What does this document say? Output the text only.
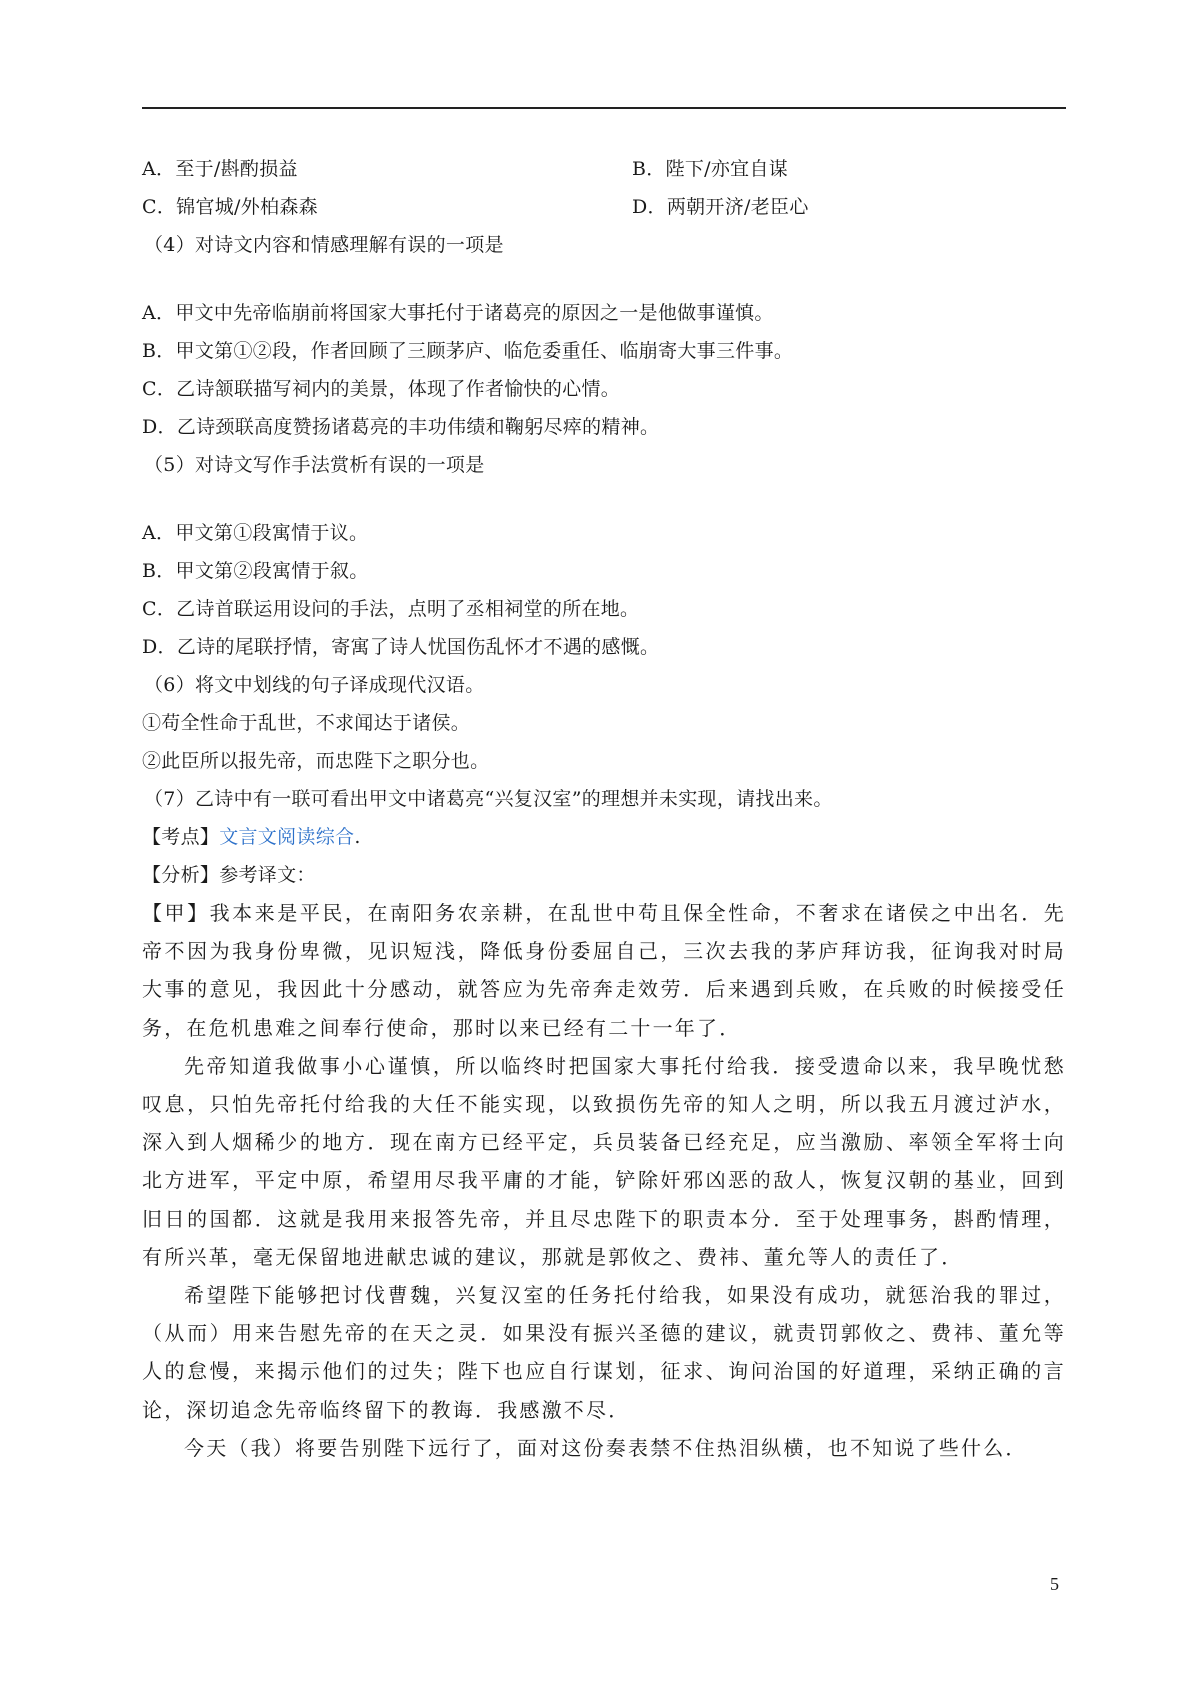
A．至于/斟酌损益	B．陛下/亦宜自谋
C．锦官城/外柏森森	D．两朝开济/老臣心
（4）对诗文内容和情感理解有误的一项是
A．甲文中先帝临崩前将国家大事托付于诸葛亮的原因之一是他做事谨慎。
B．甲文第①②段，作者回顾了三顾茅庐、临危委重任、临崩寄大事三件事。
C．乙诗颔联描写祠内的美景，体现了作者愉快的心情。
D．乙诗颈联高度赞扬诸葛亮的丰功伟绩和鞠躬尽瘁的精神。
（5）对诗文写作手法赏析有误的一项是
A．甲文第①段寓情于议。
B．甲文第②段寓情于叙。
C．乙诗首联运用设问的手法，点明了丞相祠堂的所在地。
D．乙诗的尾联抒情，寄寓了诗人忧国伤乱怀才不遇的感慨。
（6）将文中划线的句子译成现代汉语。
①苟全性命于乱世，不求闻达于诸侯。
②此臣所以报先帝，而忠陛下之职分也。
（7）乙诗中有一联可看出甲文中诸葛亮“兴复汉室”的理想并未实现，请找出来。
【考点】文言文阅读综合.
【分析】参考译文：

【甲】我本来是平民，在南阳务农亲耕，在乱世中苟且保全性命，不奢求在诸侯之中出名．先帝不因为我身份卑微，见识短浅，降低身份委屈自己，三次去我的茅庐拜访我，征询我对时局大事的意见，我因此十分感动，就答应为先帝奔走效劳．后来遇到兵败，在兵败的时候接受任务，在危机患难之间奉行使命，那时以来已经有二十一年了．

先帝知道我做事小心谨慎，所以临终时把国家大事托付给我．接受遗命以来，我早晚忧愁叹息，只怕先帝托付给我的大任不能实现，以致损伤先帝的知人之明，所以我五月渡过泸水，深入到人烟稀少的地方．现在南方已经平定，兵员装备已经充足，应当激励、率领全军将士向北方进军，平定中原，希望用尽我平庸的才能，铲除奸邪凶恶的敌人，恢复汉朝的基业，回到旧日的国都．这就是我用来报答先帝，并且尽忠陛下的职责本分．至于处理事务，斟酌情理，有所兴革，毫无保留地进献忠诚的建议，那就是郭攸之、费祎、董允等人的责任了．

希望陛下能够把讨伐曹魏，兴复汉室的任务托付给我，如果没有成功，就惩治我的罪过，（从而）用来告慰先帝的在天之灵．如果没有振兴圣德的建议，就责罚郭攸之、费祎、董允等人的怠慢，来揭示他们的过失；陛下也应自行谋划，征求、询问治国的好道理，采纳正确的言论，深切追念先帝临终留下的教诲．我感激不尽．

今天（我）将要告别陛下远行了，面对这份奏表禁不住热泪纵横，也不知说了些什么．

5
